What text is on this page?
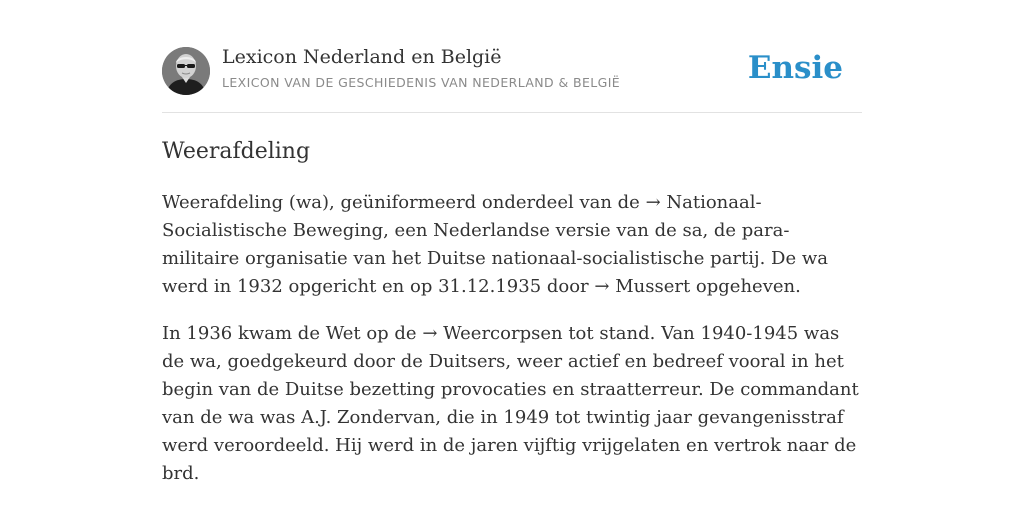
Lexicon Nederland en België
LEXICON VAN DE GESCHIEDENIS VAN NEDERLAND & BELGIË	Ensie
Weerafdeling

Weerafdeling (wa), geüniformeerd onderdeel van de → Nationaal-Socialistische Beweging, een Nederlandse versie van de sa, de para-militaire organisatie van het Duitse nationaal-socialistische partij. De wa werd in 1932 opgericht en op 31.12.1935 door → Mussert opgeheven.

In 1936 kwam de Wet op de → Weercorpsen tot stand. Van 1940-1945 was de wa, goedgekeurd door de Duitsers, weer actief en bedreef vooral in het begin van de Duitse bezetting provocaties en straatterreur. De commandant van de wa was A.J. Zondervan, die in 1949 tot twintig jaar gevangenisstraf werd veroordeeld. Hij werd in de jaren vijftig vrijgelaten en vertrok naar de brd.
